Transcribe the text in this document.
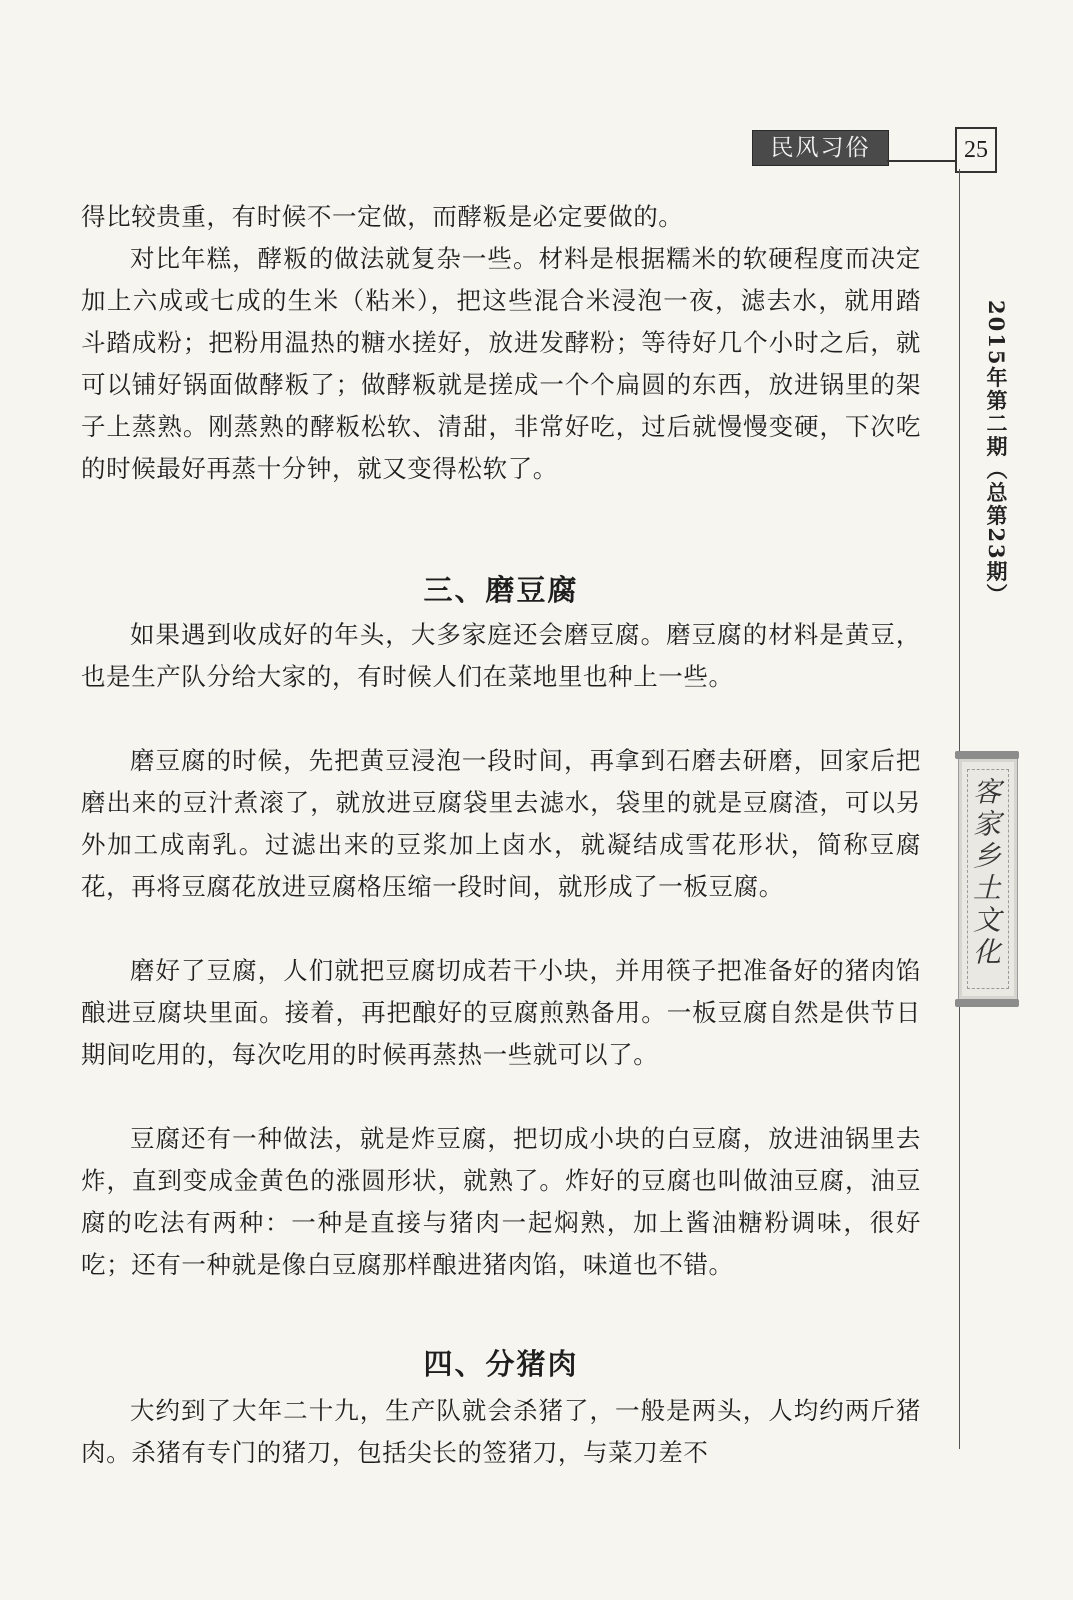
民风习俗	25
2015年第二期（总第23期）
客家乡土文化

得比较贵重，有时候不一定做，而酵粄是必定要做的。

对比年糕，酵粄的做法就复杂一些。材料是根据糯米的软硬程度而决定加上六成或七成的生米（粘米），把这些混合米浸泡一夜，滤去水，就用踏斗踏成粉；把粉用温热的糖水搓好，放进发酵粉；等待好几个小时之后，就可以铺好锅面做酵粄了；做酵粄就是搓成一个个扁圆的东西，放进锅里的架子上蒸熟。刚蒸熟的酵粄松软、清甜，非常好吃，过后就慢慢变硬，下次吃的时候最好再蒸十分钟，就又变得松软了。

三、磨豆腐

如果遇到收成好的年头，大多家庭还会磨豆腐。磨豆腐的材料是黄豆，也是生产队分给大家的，有时候人们在菜地里也种上一些。

磨豆腐的时候，先把黄豆浸泡一段时间，再拿到石磨去研磨，回家后把磨出来的豆汁煮滚了，就放进豆腐袋里去滤水，袋里的就是豆腐渣，可以另外加工成南乳。过滤出来的豆浆加上卤水，就凝结成雪花形状，简称豆腐花，再将豆腐花放进豆腐格压缩一段时间，就形成了一板豆腐。

磨好了豆腐，人们就把豆腐切成若干小块，并用筷子把准备好的猪肉馅酿进豆腐块里面。接着，再把酿好的豆腐煎熟备用。一板豆腐自然是供节日期间吃用的，每次吃用的时候再蒸热一些就可以了。

豆腐还有一种做法，就是炸豆腐，把切成小块的白豆腐，放进油锅里去炸，直到变成金黄色的涨圆形状，就熟了。炸好的豆腐也叫做油豆腐，油豆腐的吃法有两种：一种是直接与猪肉一起焖熟，加上酱油糖粉调味，很好吃；还有一种就是像白豆腐那样酿进猪肉馅，味道也不错。

四、分猪肉

大约到了大年二十九，生产队就会杀猪了，一般是两头，人均约两斤猪肉。杀猪有专门的猪刀，包括尖长的签猪刀，与菜刀差不
